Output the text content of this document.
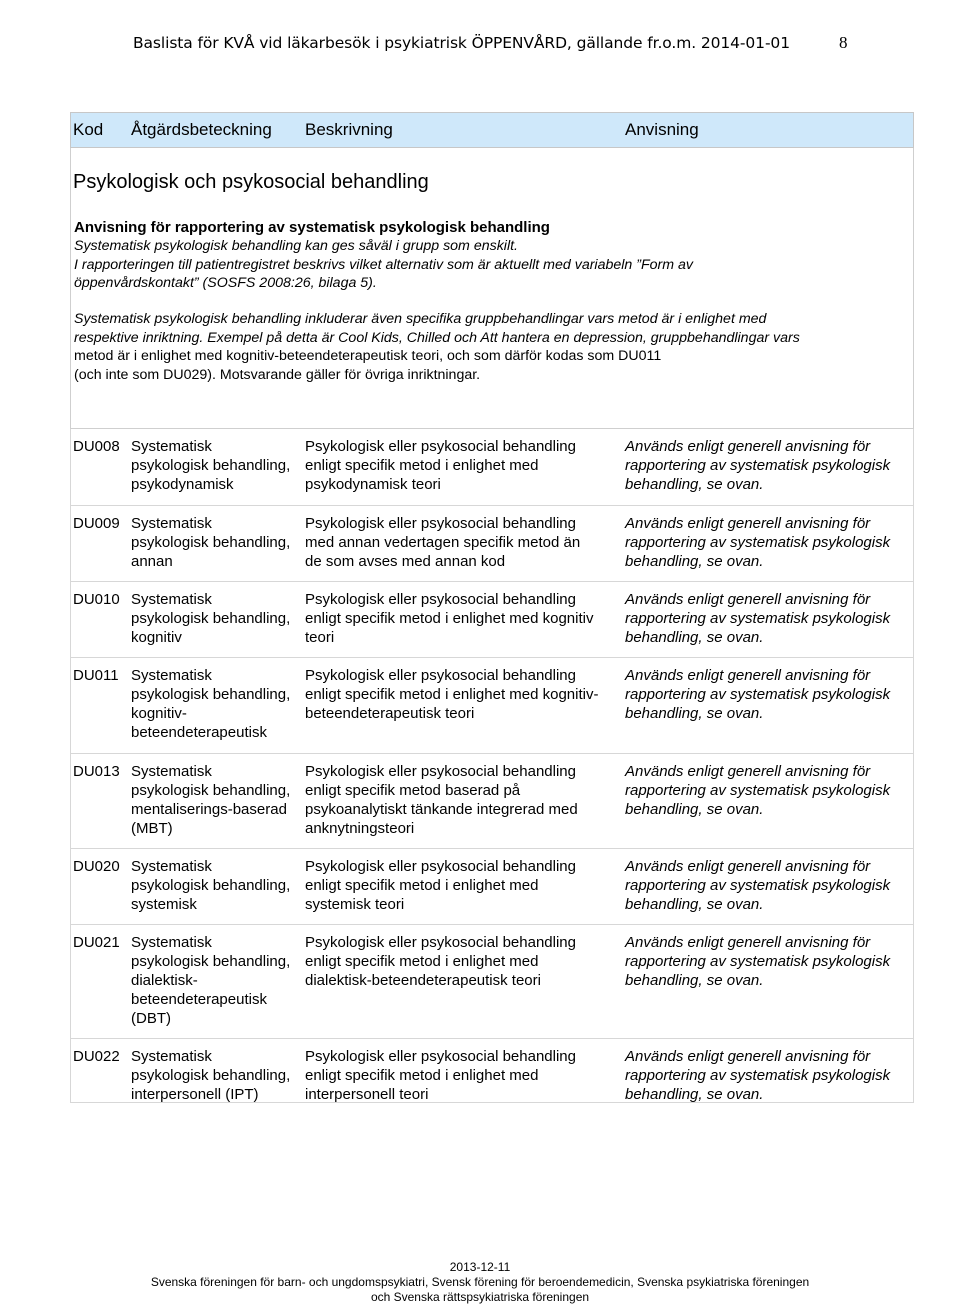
Baslista för KVÅ vid läkarbesök i psykiatrisk ÖPPENVÅRD, gällande fr.o.m. 2014-01-01	8
Kod Åtgärdsbeteckning Beskrivning	Anvisning
Psykologisk och psykosocial behandling
Anvisning för rapportering av systematisk psykologisk behandling
Systematisk psykologisk behandling kan ges såväl i grupp som enskilt.
I rapporteringen till patientregistret beskrivs vilket alternativ som är aktuellt med variabeln ”Form av
öppenvårdskontakt” (SOSFS 2008:26, bilaga 5).
Systematisk psykologisk behandling inkluderar även specifika gruppbehandlingar vars metod är i enlighet med
respektive inriktning. Exempel på detta är Cool Kids, Chilled och Att hantera en depression, gruppbehandlingar vars
metod är i enlighet med kognitiv-beteendeterapeutisk teori, och som därför kodas som DU011
(och inte som DU029). Motsvarande gäller för övriga inriktningar.
DU008 Systematisk
psykologisk behandling,
psykodynamisk
Psykologisk eller psykosocial behandling
enligt specifik metod i enlighet med
psykodynamisk teori
Används enligt generell anvisning för
rapportering av systematisk psykologisk
behandling, se ovan.
DU009 Systematisk
psykologisk behandling,
annan
Psykologisk eller psykosocial behandling
med annan vedertagen specifik metod än
de som avses med annan kod
Används enligt generell anvisning för
rapportering av systematisk psykologisk
behandling, se ovan.
DU010 Systematisk
psykologisk behandling,
kognitiv
Psykologisk eller psykosocial behandling
enligt specifik metod i enlighet med kognitiv
teori
Används enligt generell anvisning för
rapportering av systematisk psykologisk
behandling, se ovan.
DU011 Systematisk
psykologisk behandling,
kognitiv-
beteendeterapeutisk
Psykologisk eller psykosocial behandling
enligt specifik metod i enlighet med kognitiv-
beteendeterapeutisk teori
Används enligt generell anvisning för
rapportering av systematisk psykologisk
behandling, se ovan.
DU013 Systematisk
psykologisk behandling,
mentaliserings-baserad
(MBT)
Psykologisk eller psykosocial behandling
enligt specifik metod baserad på
psykoanalytiskt tänkande integrerad med
anknytningsteori
Används enligt generell anvisning för
rapportering av systematisk psykologisk
behandling, se ovan.
DU020 Systematisk
psykologisk behandling,
systemisk
Psykologisk eller psykosocial behandling
enligt specifik metod i enlighet med
systemisk teori
Används enligt generell anvisning för
rapportering av systematisk psykologisk
behandling, se ovan.
DU021 Systematisk
psykologisk behandling,
dialektisk-
beteendeterapeutisk
(DBT)
Psykologisk eller psykosocial behandling
enligt specifik metod i enlighet med
dialektisk-beteendeterapeutisk teori
Används enligt generell anvisning för
rapportering av systematisk psykologisk
behandling, se ovan.
DU022 Systematisk
psykologisk behandling,
interpersonell (IPT)
Psykologisk eller psykosocial behandling
enligt specifik metod i enlighet med
interpersonell teori
Används enligt generell anvisning för
rapportering av systematisk psykologisk
behandling, se ovan.
2013-12-11
Svenska föreningen för barn- och ungdomspsykiatri, Svensk förening för beroendemedicin, Svenska psykiatriska föreningen
och Svenska rättspsykiatriska föreningen
